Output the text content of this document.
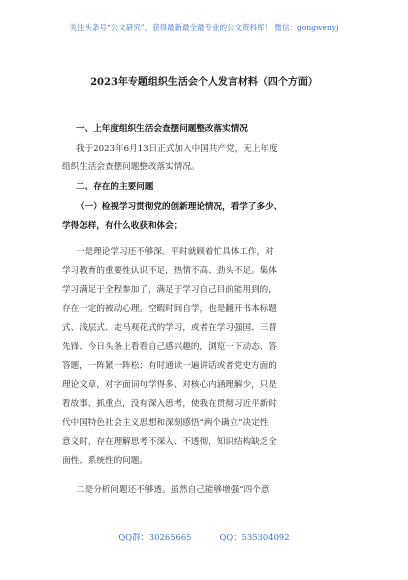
关注头条号“公文研究”，获得最新最全最专业的公文资料库！ 微信：gongwenyj
2023年专题组织生活会个人发言材料（四个方面）
一、上年度组织生活会查摆问题整改落实情况
我于2023年6月13日正式加入中国共产党，无上年度
组织生活会查摆问题整改落实情况。
二、存在的主要问题
（一）检视学习贯彻党的创新理论情况，看学了多少、
学得怎样，有什么收获和体会；
一是理论学习还不够深。平时就顾着忙具体工作，对
学习教育的重要性认识不足，热情不高、劲头不足。集体
学习满足于全程参加了，满足于学习自己目前能用到的，
存在一定的被动心理。空暇时间自学，也是翻开书本标题
式、浅层式、走马观花式的学习，或者在学习强国、三晋
先锋、今日头条上看看自己感兴趣的，浏览一下动态、答
答题，一阵紧一阵松；有时通读一遍讲话或者党史方面的
理论文章，对字面词句学得多、对核心内涵理解少，只是
看故事、抓重点，没有深入思考，使我在贯彻习近平新时
代中国特色社会主义思想和深刻感悟“两个确立”决定性
意义时，存在理解思考不深入、不透彻，知识结构缺乏全
面性、系统性的问题。
二是分析问题还不够透。虽然自己能够增强“四个意
QQ群：30265665	QQ：535304092
